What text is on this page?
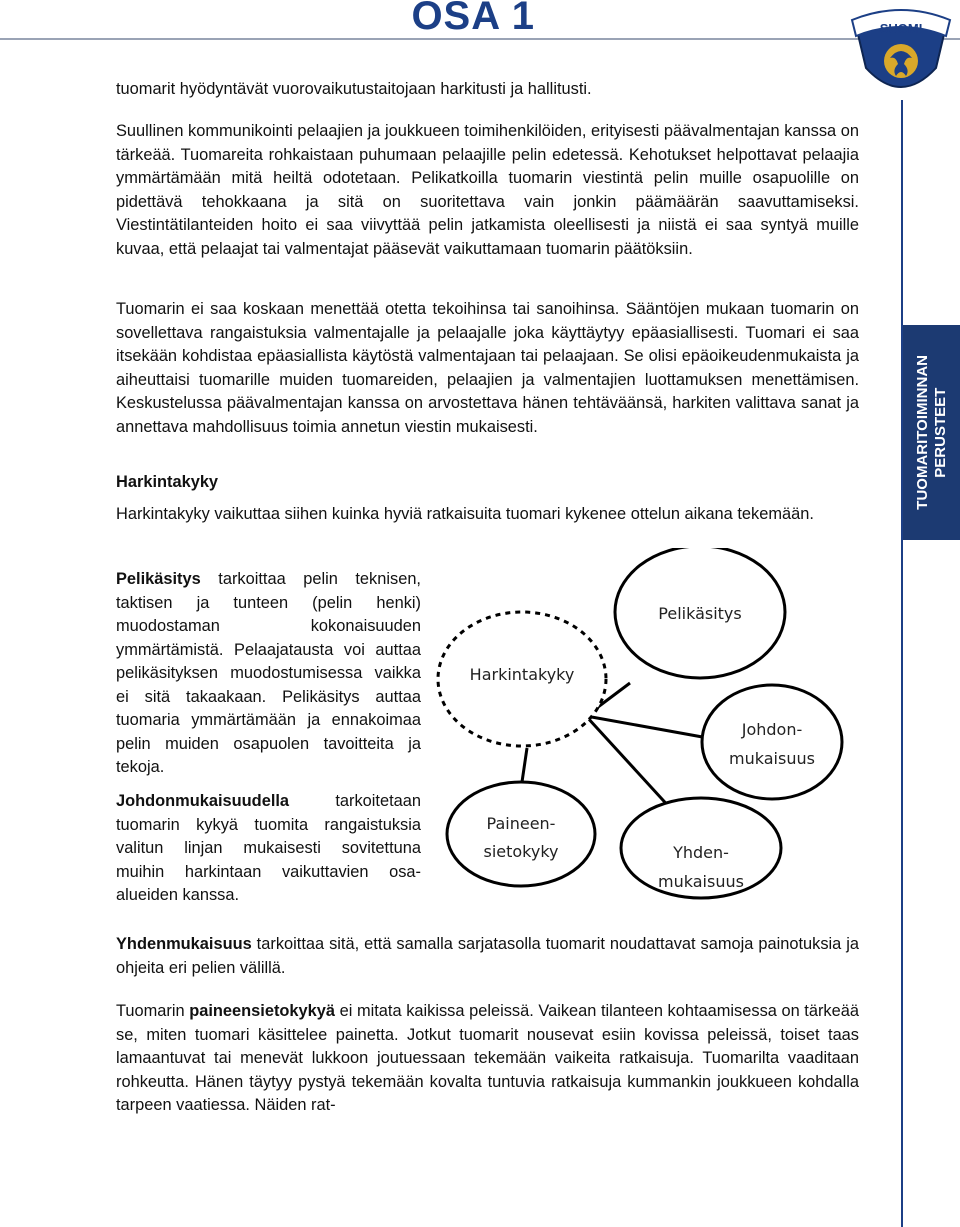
OSA 1	SUOMI
TUOMARITOIMINNAN
PERUSTEET

tuomarit hyödyntävät vuorovaikutustaitojaan harkitusti ja hallitusti.

Suullinen kommunikointi pelaajien ja joukkueen toimihenkilöiden, erityisesti päävalmentajan kanssa on tärkeää. Tuomareita rohkaistaan puhumaan pelaajille pelin edetessä. Kehotukset helpottavat pelaajia ymmärtämään mitä heiltä odotetaan. Pelikatkoilla tuomarin viestintä pelin muille osapuolille on pidettävä tehokkaana ja sitä on suoritettava vain jonkin päämäärän saavuttamiseksi. Viestintätilanteiden hoito ei saa viivyttää pelin jatkamista oleellisesti ja niistä ei saa syntyä muille kuvaa, että pelaajat tai valmentajat pääsevät vaikuttamaan tuomarin päätöksiin.

Tuomarin ei saa koskaan menettää otetta tekoihinsa tai sanoihinsa. Sääntöjen mukaan tuomarin on sovellettava rangaistuksia valmentajalle ja pelaajalle joka käyttäytyy epäasiallisesti. Tuomari ei saa itsekään kohdistaa epäasiallista käytöstä valmentajaan tai pelaajaan. Se olisi epäoikeudenmukaista ja aiheuttaisi tuomarille muiden tuomareiden, pelaajien ja valmentajien luottamuksen menettämisen. Keskustelussa päävalmentajan kanssa on arvostettava hänen tehtäväänsä, harkiten valittava sanat ja annettava mahdollisuus toimia annetun viestin mukaisesti.

Harkintakyky

Harkintakyky vaikuttaa siihen kuinka hyviä ratkaisuita tuomari kykenee ottelun aikana tekemään.

Pelikäsitys tarkoittaa pelin teknisen, taktisen ja tunteen (pelin henki) muodostaman kokonaisuuden ymmärtämistä. Pelaajatausta voi auttaa pelikäsityksen muodostumisessa vaikka ei sitä takaakaan. Pelikäsitys auttaa tuomaria ymmärtämään ja ennakoimaa pelin muiden osapuolen tavoitteita ja tekoja.

Johdonmukaisuudella tarkoitetaan tuomarin kykyä tuomita rangaistuksia valitun linjan mukaisesti sovitettuna muihin harkintaan vaikuttavien osa-alueiden kanssa.

Yhdenmukaisuus tarkoittaa sitä, että samalla sarjatasolla tuomarit noudattavat samoja painotuksia ja ohjeita eri pelien välillä.

Tuomarin paineensietokykyä ei mitata kaikissa peleissä. Vaikean tilanteen kohtaamisessa on tärkeää se, miten tuomari käsittelee painetta. Jotkut tuomarit nousevat esiin kovissa peleissä, toiset taas lamaantuvat tai menevät lukkoon joutuessaan tekemään vaikeita ratkaisuja. Tuomarilta vaaditaan rohkeutta. Hänen täytyy pystyä tekemään kovalta tuntuvia ratkaisuja kummankin joukkueen kohdalla tarpeen vaatiessa. Näiden rat-

Harkintakyky
Pelikäsitys
Johdon-
mukaisuus
Yhden-
mukaisuus
Paineen-
sietokyky
